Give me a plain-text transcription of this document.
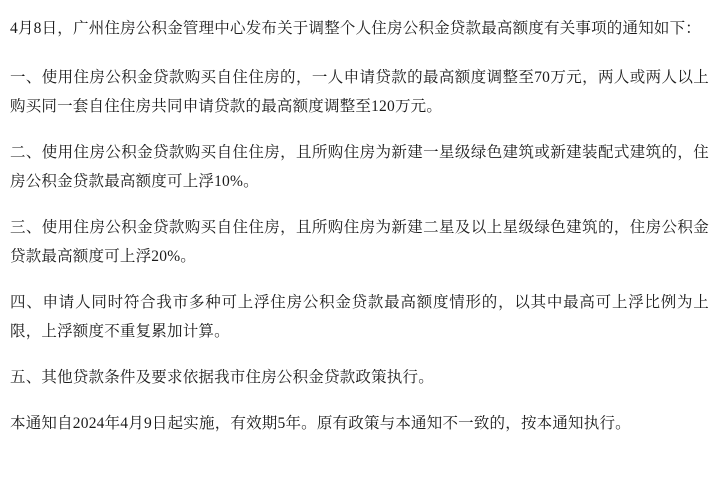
4月8日，广州住房公积金管理中心发布关于调整个人住房公积金贷款最高额度有关事项的通知如下：

一、使用住房公积金贷款购买自住住房的，一人申请贷款的最高额度调整至70万元，两人或两人以上购买同一套自住住房共同申请贷款的最高额度调整至120万元。

二、使用住房公积金贷款购买自住住房，且所购住房为新建一星级绿色建筑或新建装配式建筑的，住房公积金贷款最高额度可上浮10%。

三、使用住房公积金贷款购买自住住房，且所购住房为新建二星及以上星级绿色建筑的，住房公积金贷款最高额度可上浮20%。

四、申请人同时符合我市多种可上浮住房公积金贷款最高额度情形的，以其中最高可上浮比例为上限，上浮额度不重复累加计算。

五、其他贷款条件及要求依据我市住房公积金贷款政策执行。

本通知自2024年4月9日起实施，有效期5年。原有政策与本通知不一致的，按本通知执行。
